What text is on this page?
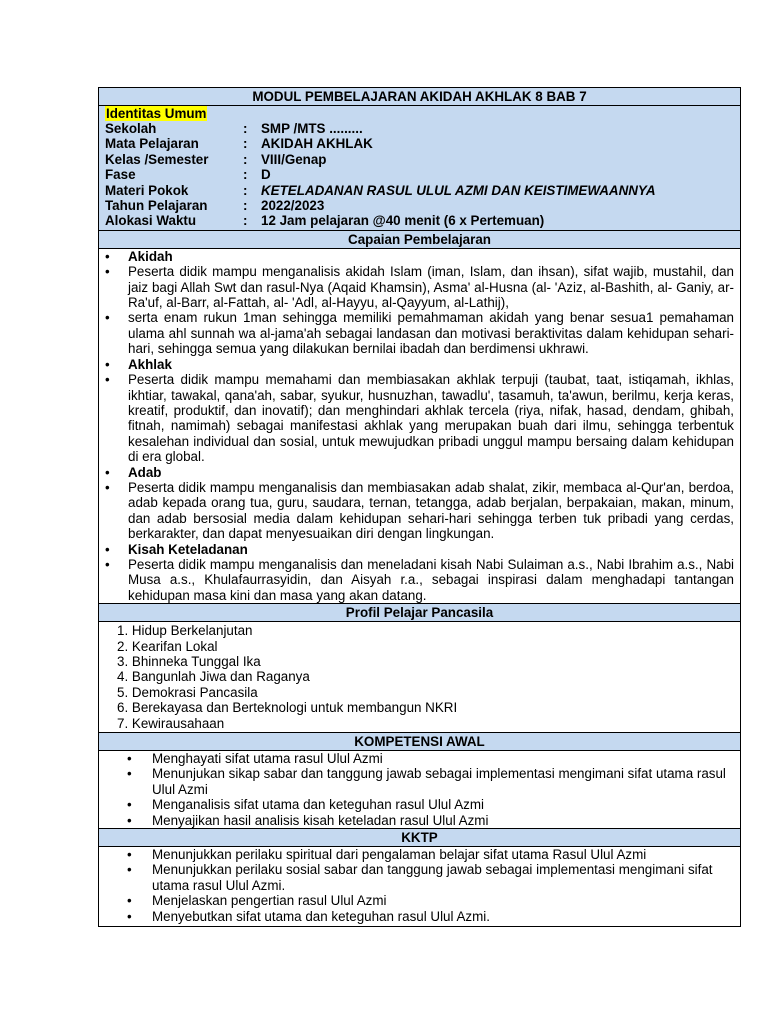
MODUL PEMBELAJARAN AKIDAH AKHLAK 8 BAB 7
Identitas Umum
Sekolah	:	SMP /MTS .........
Mata Pelajaran	:	AKIDAH AKHLAK
Kelas /Semester	:	VIII/Genap
Fase	:	D
Materi Pokok	:	KETELADANAN RASUL ULUL AZMI DAN KEISTIMEWAANNYA
Tahun Pelajaran	:	2022/2023
Alokasi Waktu	:	12 Jam pelajaran @40 menit (6 x Pertemuan)
Capaian Pembelajaran
•	Akidah
•	Peserta didik mampu menganalisis akidah Islam (iman, Islam, dan ihsan), sifat wajib, mustahil, dan jaiz bagi Allah Swt dan rasul-Nya (Aqaid Khamsin), Asma' al-Husna (al- 'Aziz, al-Bashith, al- Ganiy, ar-Ra'uf, al-Barr, al-Fattah, al- 'Adl, al-Hayyu, al-Qayyum, al-Lathij),
•	serta enam rukun 1man sehingga memiliki pemahmaman akidah yang benar sesua1 pemahaman ulama ahl sunnah wa al-jama'ah sebagai landasan dan motivasi beraktivitas dalam kehidupan sehari-hari, sehingga semua yang dilakukan bernilai ibadah dan berdimensi ukhrawi.
•	Akhlak
•	Peserta didik mampu memahami dan membiasakan akhlak terpuji (taubat, taat, istiqamah, ikhlas, ikhtiar, tawakal, qana'ah, sabar, syukur, husnuzhan, tawadlu', tasamuh, ta'awun, berilmu, kerja keras, kreatif, produktif, dan inovatif); dan menghindari akhlak tercela (riya, nifak, hasad, dendam, ghibah, fitnah, namimah) sebagai manifestasi akhlak yang merupakan buah dari ilmu, sehingga terbentuk kesalehan individual dan sosial, untuk mewujudkan pribadi unggul mampu bersaing dalam kehidupan di era global.
•	Adab
•	Peserta didik mampu menganalisis dan membiasakan adab shalat, zikir, membaca al-Qur'an, berdoa, adab kepada orang tua, guru, saudara, ternan, tetangga, adab berjalan, berpakaian, makan, minum, dan adab bersosial media dalam kehidupan sehari-hari sehingga terben tuk pribadi yang cerdas, berkarakter, dan dapat menyesuaikan diri dengan lingkungan.
•	Kisah Keteladanan
•	Peserta didik mampu menganalisis dan meneladani kisah Nabi Sulaiman a.s., Nabi Ibrahim a.s., Nabi Musa a.s., Khulafaurrasyidin, dan Aisyah r.a., sebagai inspirasi dalam menghadapi tantangan kehidupan masa kini dan masa yang akan datang.
Profil Pelajar Pancasila
1. Hidup Berkelanjutan
2. Kearifan Lokal
3. Bhinneka Tunggal Ika
4. Bangunlah Jiwa dan Raganya
5. Demokrasi Pancasila
6. Berekayasa dan Berteknologi untuk membangun NKRI
7. Kewirausahaan
KOMPETENSI AWAL
•	Menghayati sifat utama rasul Ulul Azmi
•	Menunjukan sikap sabar dan tanggung jawab sebagai implementasi mengimani sifat utama rasul Ulul Azmi
•	Menganalisis sifat utama dan keteguhan rasul Ulul Azmi
•	Menyajikan hasil analisis kisah keteladan rasul Ulul Azmi
KKTP
•	Menunjukkan perilaku spiritual dari pengalaman belajar sifat utama Rasul Ulul Azmi
•	Menunjukkan perilaku sosial sabar dan tanggung jawab sebagai implementasi mengimani sifat utama rasul Ulul Azmi.
•	Menjelaskan pengertian rasul Ulul Azmi
•	Menyebutkan sifat utama dan keteguhan rasul Ulul Azmi.
